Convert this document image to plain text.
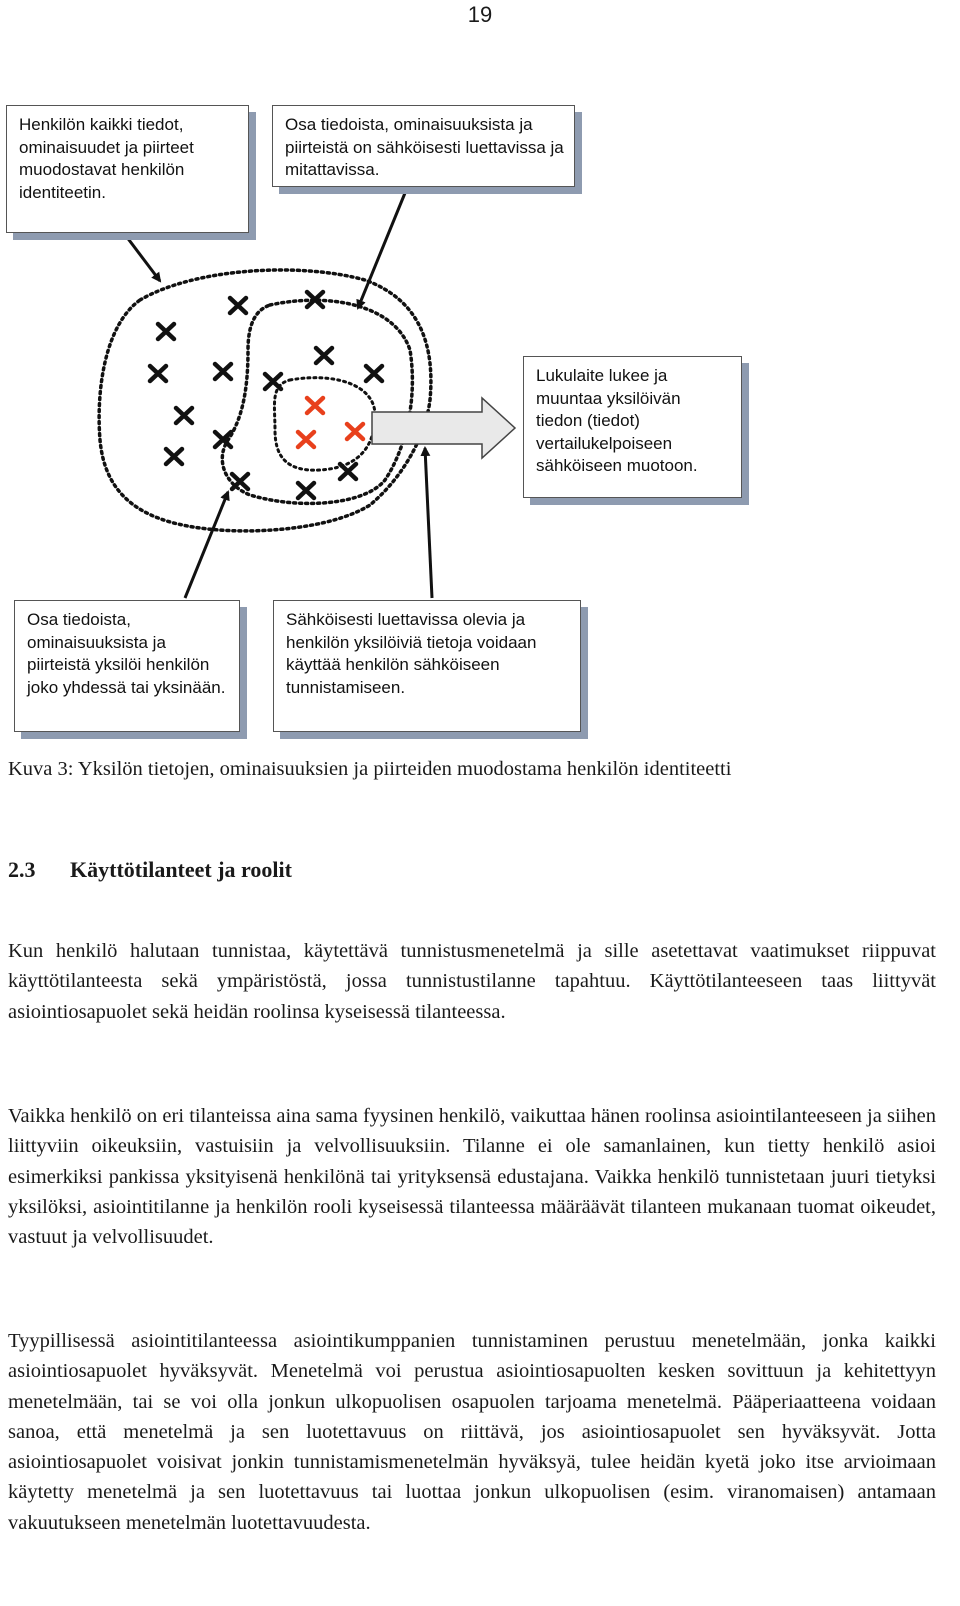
19
Henkilön kaikki tiedot, ominaisuudet ja piirteet muodostavat henkilön identiteetin.
Osa tiedoista, ominaisuuksista ja piirteistä on sähköisesti luettavissa ja mitattavissa.
Lukulaite lukee ja muuntaa yksilöivän tiedon (tiedot) vertailukelpoiseen sähköiseen muotoon.
Osa tiedoista, ominaisuuksista ja piirteistä yksilöi henkilön joko yhdessä tai yksinään.
Sähköisesti luettavissa olevia ja henkilön yksilöiviä tietoja voidaan käyttää henkilön sähköiseen tunnistamiseen.
Kuva 3: Yksilön tietojen, ominaisuuksien ja piirteiden muodostama henkilön identiteetti
2.3 Käyttötilanteet ja roolit

Kun henkilö halutaan tunnistaa, käytettävä tunnistusmenetelmä ja sille asetettavat vaatimukset riippuvat käyttötilanteesta sekä ympäristöstä, jossa tunnistustilanne tapahtuu. Käyttötilanteeseen taas liittyvät asiointiosapuolet sekä heidän roolinsa kyseisessä tilanteessa.

Vaikka henkilö on eri tilanteissa aina sama fyysinen henkilö, vaikuttaa hänen roolinsa asiointilanteeseen ja siihen liittyviin oikeuksiin, vastuisiin ja velvollisuuksiin. Tilanne ei ole samanlainen, kun tietty henkilö asioi esimerkiksi pankissa yksityisenä henkilönä tai yrityksensä edustajana. Vaikka henkilö tunnistetaan juuri tietyksi yksilöksi, asiointitilanne ja henkilön rooli kyseisessä tilanteessa määräävät tilanteen mukanaan tuomat oikeudet, vastuut ja velvollisuudet.

Tyypillisessä asiointitilanteessa asiointikumppanien tunnistaminen perustuu menetelmään, jonka kaikki asiointiosapuolet hyväksyvät. Menetelmä voi perustua asiointiosapuolten kesken sovittuun ja kehitettyyn menetelmään, tai se voi olla jonkun ulkopuolisen osapuolen tarjoama menetelmä. Pääperiaatteena voidaan sanoa, että menetelmä ja sen luotettavuus on riittävä, jos asiointiosapuolet sen hyväksyvät. Jotta asiointiosapuolet voisivat jonkin tunnistamismenetelmän hyväksyä, tulee heidän kyetä joko itse arvioimaan käytetty menetelmä ja sen luotettavuus tai luottaa jonkun ulkopuolisen (esim. viranomaisen) antamaan vakuutukseen menetelmän luotettavuudesta.
